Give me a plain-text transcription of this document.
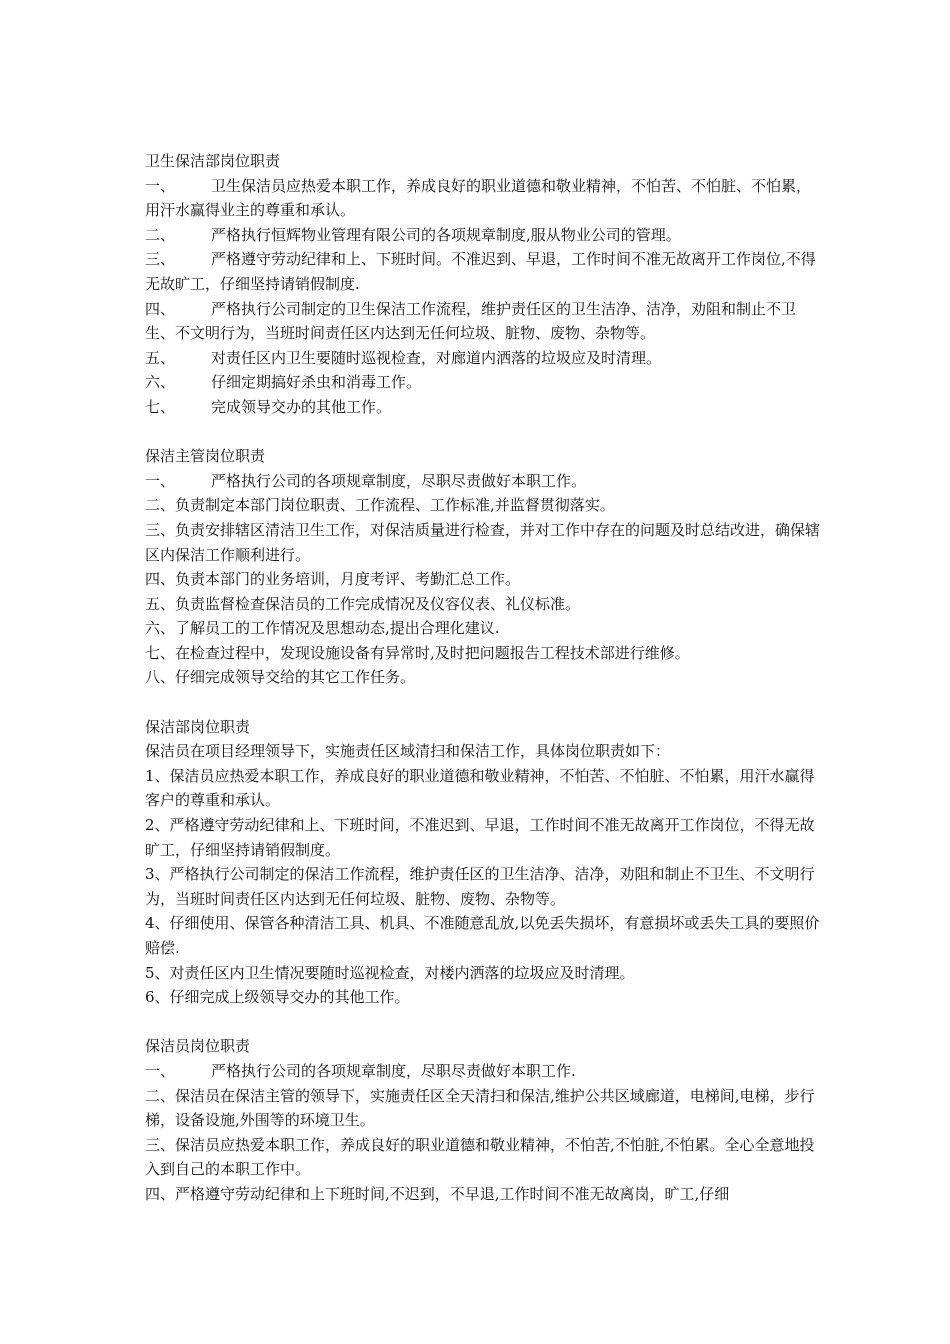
卫生保洁部岗位职责
一、 卫生保洁员应热爱本职工作，养成良好的职业道德和敬业精神，不怕苦、不怕脏、不怕累，用汗水赢得业主的尊重和承认。
二、 严格执行恒辉物业管理有限公司的各项规章制度,服从物业公司的管理。
三、 严格遵守劳动纪律和上、下班时间。不准迟到、早退，工作时间不准无故离开工作岗位,不得无故旷工，仔细坚持请销假制度.
四、 严格执行公司制定的卫生保洁工作流程，维护责任区的卫生洁净、洁净，劝阻和制止不卫生、不文明行为，当班时间责任区内达到无任何垃圾、脏物、废物、杂物等。
五、 对责任区内卫生要随时巡视检查，对廊道内洒落的垃圾应及时清理。
六、 仔细定期搞好杀虫和消毒工作。
七、 完成领导交办的其他工作。
保洁主管岗位职责
一、 严格执行公司的各项规章制度，尽职尽责做好本职工作。
二、负责制定本部门岗位职责、工作流程、工作标准,并监督贯彻落实。
三、负责安排辖区清洁卫生工作，对保洁质量进行检查，并对工作中存在的问题及时总结改进，确保辖区内保洁工作顺利进行。
四、负责本部门的业务培训，月度考评、考勤汇总工作。
五、负责监督检查保洁员的工作完成情况及仪容仪表、礼仪标准。
六、了解员工的工作情况及思想动态,提出合理化建议.
七、在检查过程中，发现设施设备有异常时,及时把问题报告工程技术部进行维修。
八、仔细完成领导交给的其它工作任务。
保洁部岗位职责
保洁员在项目经理领导下，实施责任区域清扫和保洁工作，具体岗位职责如下：
1、保洁员应热爱本职工作，养成良好的职业道德和敬业精神，不怕苦、不怕脏、不怕累，用汗水赢得客户的尊重和承认。
2、严格遵守劳动纪律和上、下班时间，不准迟到、早退，工作时间不准无故离开工作岗位，不得无故旷工，仔细坚持请销假制度。
3、严格执行公司制定的保洁工作流程，维护责任区的卫生洁净、洁净，劝阻和制止不卫生、不文明行为，当班时间责任区内达到无任何垃圾、脏物、废物、杂物等。
4、仔细使用、保管各种清洁工具、机具、不准随意乱放,以免丢失损坏，有意损坏或丢失工具的要照价赔偿.
5、对责任区内卫生情况要随时巡视检查，对楼内洒落的垃圾应及时清理。
6、仔细完成上级领导交办的其他工作。
保洁员岗位职责
一、 严格执行公司的各项规章制度，尽职尽责做好本职工作.
二、保洁员在保洁主管的领导下，实施责任区全天清扫和保洁,维护公共区域廊道，电梯间,电梯，步行梯，设备设施,外围等的环境卫生。
三、保洁员应热爱本职工作，养成良好的职业道德和敬业精神，不怕苦,不怕脏,不怕累。全心全意地投入到自己的本职工作中。
四、严格遵守劳动纪律和上下班时间,不迟到，不早退,工作时间不准无故离岗，旷工,仔细
